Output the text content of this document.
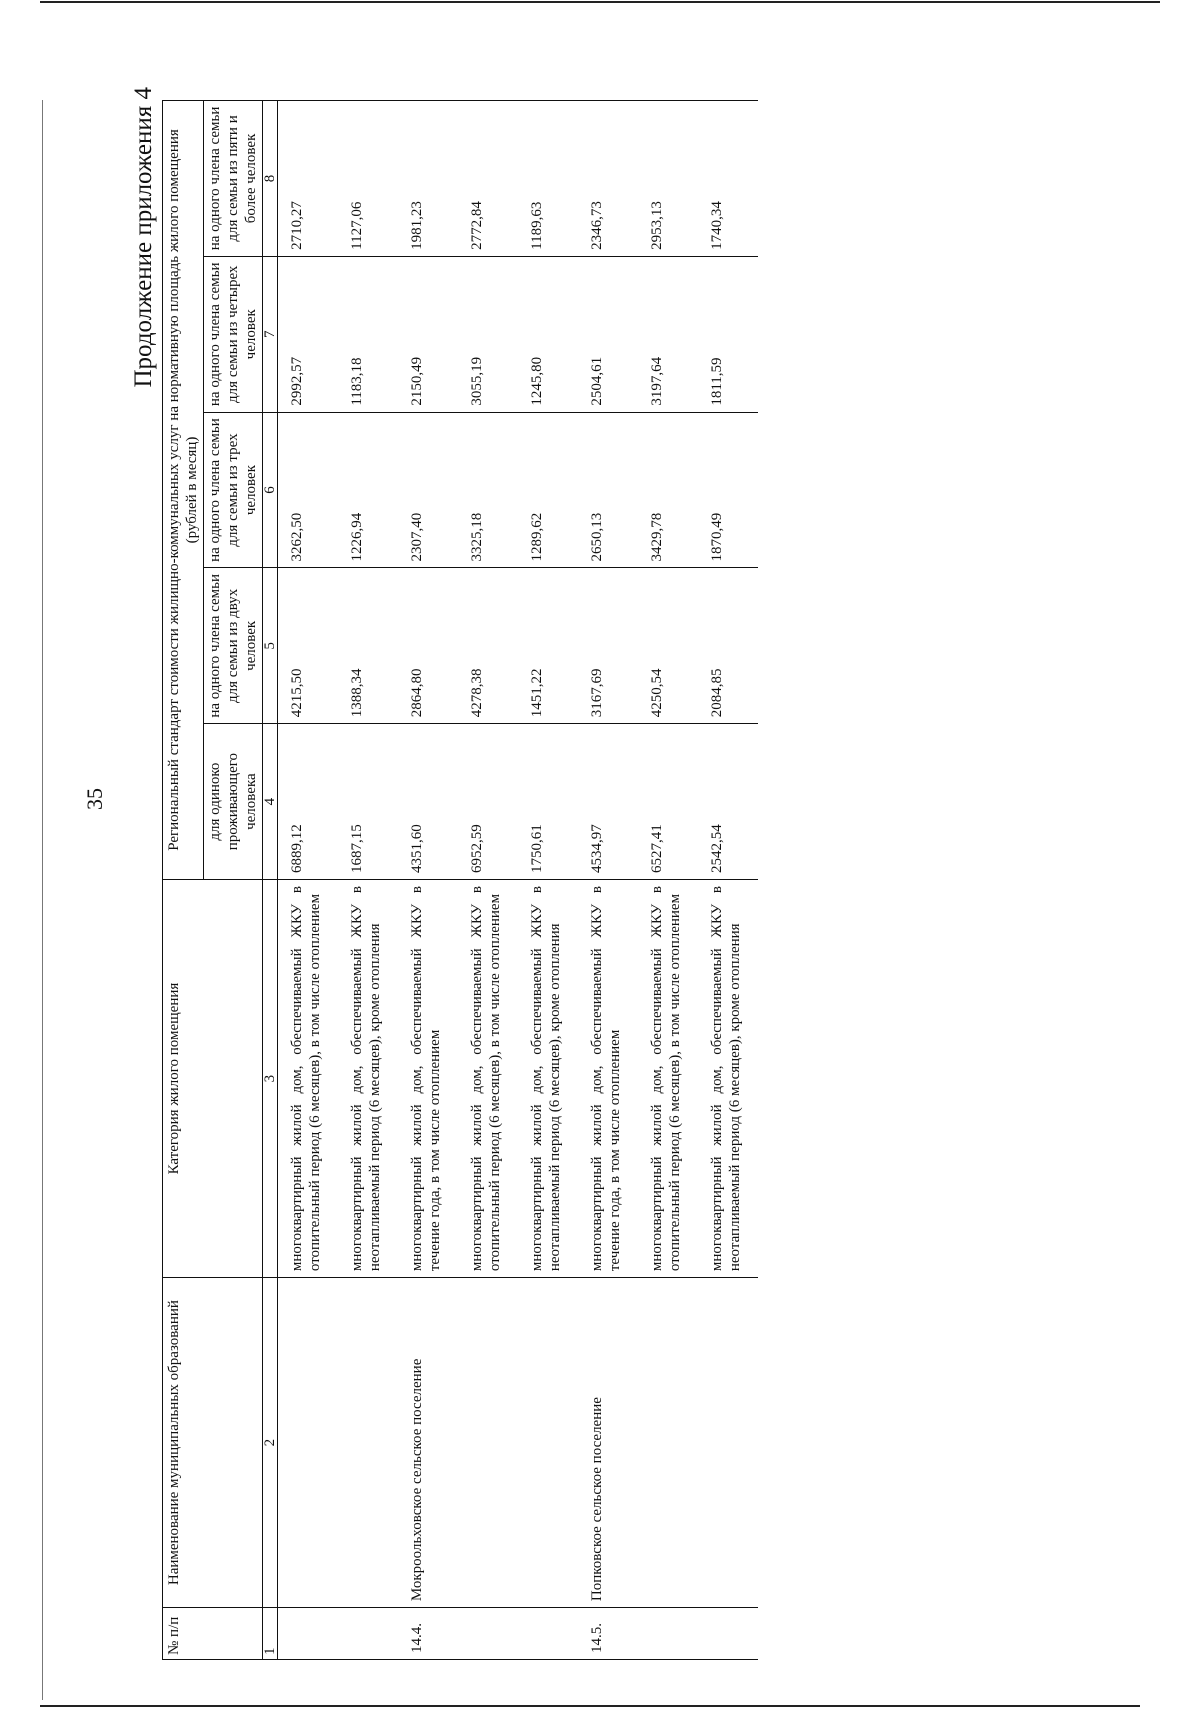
35
Продолжение приложения 4
№ п/п	Наименование муниципальных образований	Категория жилого помещения	Региональный стандарт стоимости жилищно-коммунальных услуг на нормативную площадь жилого помещения (рублей в месяц)				
			для одиноко проживающего человека	на одного члена семьи для семьи из двух человек	на одного члена семьи для семьи из трех человек	на одного члена семьи для семьи из четырех человек	на одного члена семьи для семьи из пяти и более человек
1	2	3	4	5	6	7	8
		многоквартирный жилой дом, обеспечиваемый ЖКУ в отопительный период (6 месяцев), в том числе отоплением	6889,12	4215,50	3262,50	2992,57	2710,27
		многоквартирный жилой дом, обеспечиваемый ЖКУ в неотапливаемый период (6 месяцев), кроме отопления	1687,15	1388,34	1226,94	1183,18	1127,06
14.4.	Мокроольховское сельское поселение	многоквартирный жилой дом, обеспечиваемый ЖКУ в течение года, в том числе отоплением	4351,60	2864,80	2307,40	2150,49	1981,23
		многоквартирный жилой дом, обеспечиваемый ЖКУ в отопительный период (6 месяцев), в том числе отоплением	6952,59	4278,38	3325,18	3055,19	2772,84
		многоквартирный жилой дом, обеспечиваемый ЖКУ в неотапливаемый период (6 месяцев), кроме отопления	1750,61	1451,22	1289,62	1245,80	1189,63
14.5.	Попковское сельское поселение	многоквартирный жилой дом, обеспечиваемый ЖКУ в течение года, в том числе отоплением	4534,97	3167,69	2650,13	2504,61	2346,73
		многоквартирный жилой дом, обеспечиваемый ЖКУ в отопительный период (6 месяцев), в том числе отоплением	6527,41	4250,54	3429,78	3197,64	2953,13
		многоквартирный жилой дом, обеспечиваемый ЖКУ в неотапливаемый период (6 месяцев), кроме отопления	2542,54	2084,85	1870,49	1811,59	1740,34
